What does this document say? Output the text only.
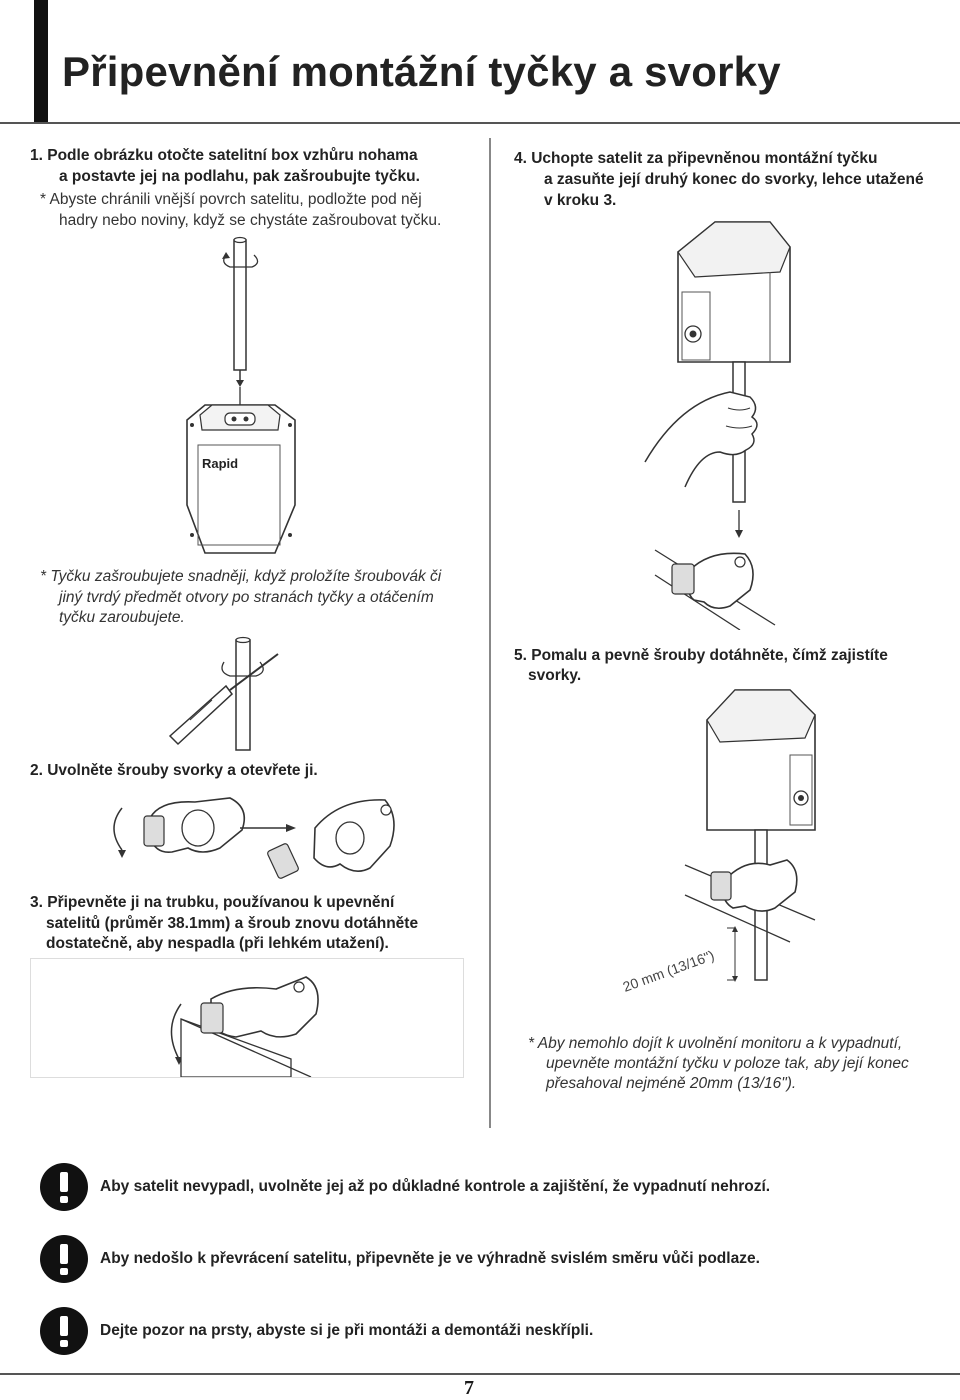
Připevnění montážní tyčky a svorky
1. Podle obrázku otočte satelitní box vzhůru nohama
a postavte jej na podlahu, pak zašroubujte tyčku.
* Abyste chránili vnější povrch satelitu, podložte pod něj
hadry nebo noviny, když se chystáte zašroubovat tyčku.
Rapid
* Tyčku zašroubujete snadněji, když proložíte šroubovák či
jiný tvrdý předmět otvory po stranách tyčky a otáčením
tyčku zaroubujete.
2. Uvolněte šrouby svorky a otevřete ji.
3. Připevněte ji na trubku, používanou k upevnění
satelitů (průměr 38.1mm) a šroub znovu dotáhněte
dostatečně, aby nespadla (při lehkém utažení).
4. Uchopte satelit za připevněnou montážní tyčku
a zasuňte její druhý konec do svorky, lehce utažené
v kroku 3.
5. Pomalu a pevně šrouby dotáhněte, čímž zajistíte
svorky.
20 mm (13/16")
* Aby nemohlo dojít k uvolnění monitoru a k vypadnutí,
upevněte montážní tyčku v poloze tak, aby její konec
přesahoval nejméně 20mm (13/16").
Aby satelit nevypadl, uvolněte jej až po důkladné kontrole a zajištění, že vypadnutí nehrozí.
Aby nedošlo k převrácení satelitu, připevněte je ve výhradně svislém směru vůči podlaze.
Dejte pozor na prsty, abyste si je při montáži a demontáži neskřípli.
7
